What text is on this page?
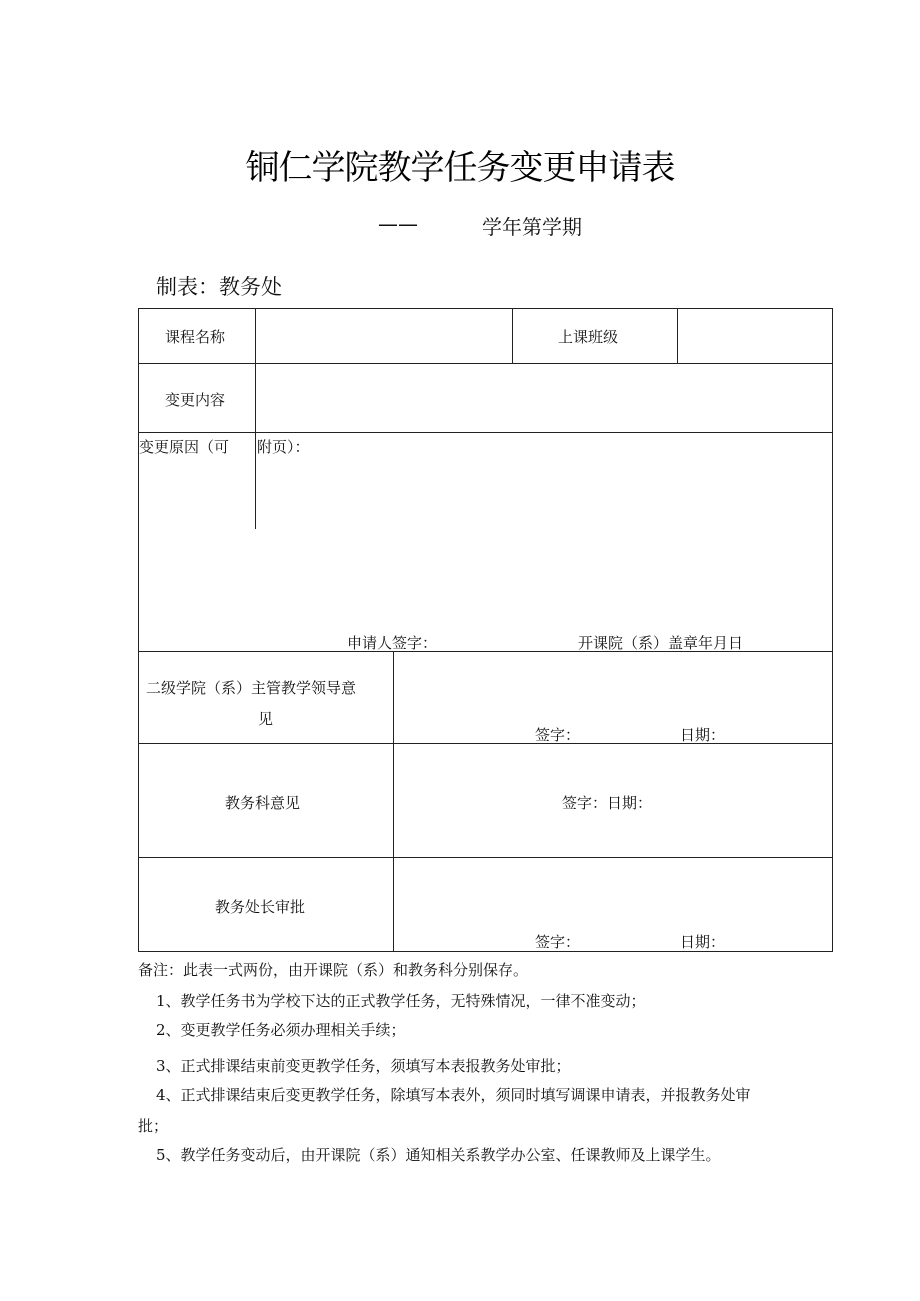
铜仁学院教学任务变更申请表
——	学年第学期
制表：教务处
课程名称	上课班级
变更内容
变更原因（可 附页）：
申请人签字：	开课院（系）盖章年月日
二级学院（系）主管教学领导意
见
签字：	日期：
教务科意见	签字：日期：
教务处长审批
签字：	日期：
备注：此表一式两份，由开课院（系）和教务科分别保存。
1、教学任务书为学校下达的正式教学任务，无特殊情况，一律不准变动；
2、变更教学任务必须办理相关手续；
3、正式排课结束前变更教学任务，须填写本表报教务处审批；
4、正式排课结束后变更教学任务，除填写本表外，须同时填写调课申请表，并报教务处审
批；
5、教学任务变动后，由开课院（系）通知相关系教学办公室、任课教师及上课学生。
